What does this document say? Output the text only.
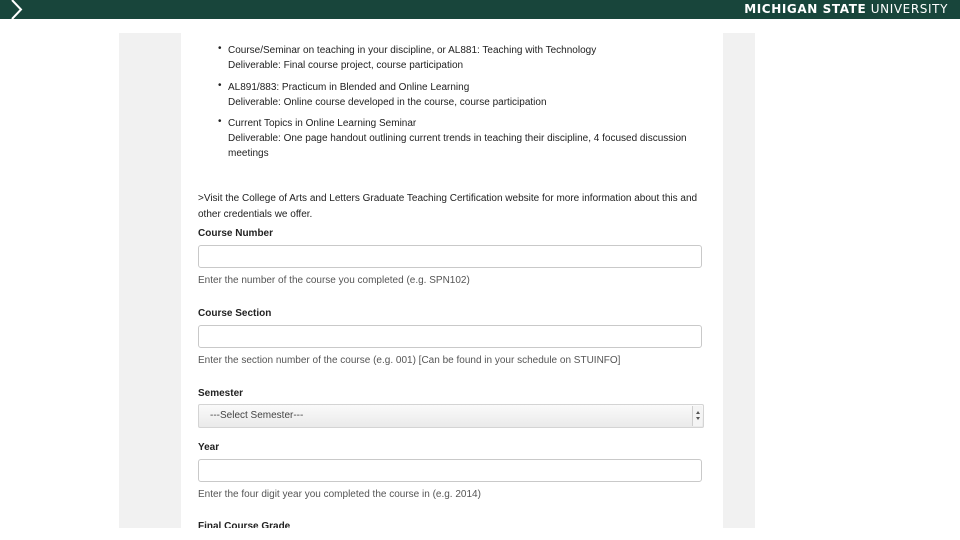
MICHIGAN STATE UNIVERSITY
• Course/Seminar on teaching in your discipline, or AL881: Teaching with Technology
Deliverable: Final course project, course participation
• AL891/883: Practicum in Blended and Online Learning
Deliverable: Online course developed in the course, course participation
• Current Topics in Online Learning Seminar
Deliverable: One page handout outlining current trends in teaching their discipline, 4 focused discussion meetings
>Visit the College of Arts and Letters Graduate Teaching Certification website for more information about this and other credentials we offer.
Course Number
Enter the number of the course you completed (e.g. SPN102)
Course Section
Enter the section number of the course (e.g. 001) [Can be found in your schedule on STUINFO]
Semester
---Select Semester---
Year
Enter the four digit year you completed the course in (e.g. 2014)
Final Course Grade
